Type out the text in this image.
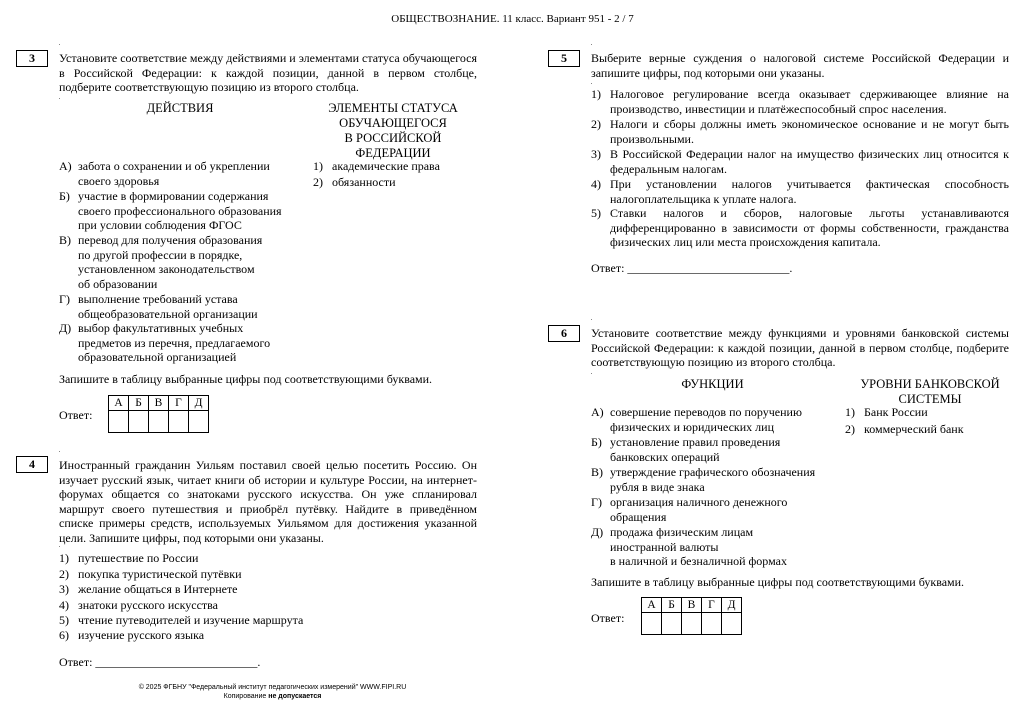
ОБЩЕСТВОЗНАНИЕ. 11 класс. Вариант 951 - 2 / 7
3	Установите соответствие между действиями и элементами статуса обучающегося в Российской Федерации: к каждой позиции, данной в первом столбце, подберите соответствующую позицию из второго столбца.
ДЕЙСТВИЯ	ЭЛЕМЕНТЫ СТАТУСА
ОБУЧАЮЩЕГОСЯ
В РОССИЙСКОЙ
ФЕДЕРАЦИИ
А) забота о сохранении и об укреплении
своего здоровья
Б) участие в формировании содержания
своего профессионального образования
при условии соблюдения ФГОС
В) перевод для получения образования
по другой профессии в порядке,
установленном законодательством
об образовании
Г) выполнение требований устава
общеобразовательной организации
Д) выбор факультативных учебных
предметов из перечня, предлагаемого
образовательной организацией
1) академические права
2) обязанности
Запишите в таблицу выбранные цифры под соответствующими буквами.
Ответ:
А	Б	В	Г	Д

4	Иностранный гражданин Уильям поставил своей целью посетить Россию. Он изучает русский язык, читает книги об истории и культуре России, на интернет-форумах общается со знатоками русского искусства. Он уже спланировал маршрут своего путешествия и приобрёл путёвку. Найдите в приведённом списке примеры средств, используемых Уильямом для достижения указанной цели. Запишите цифры, под которыми они указаны.
1) путешествие по России
2) покупка туристической путёвки
3) желание общаться в Интернете
4) знатоки русского искусства
5) чтение путеводителей и изучение маршрута
6) изучение русского языка
Ответ: ___________________________.
5	Выберите верные суждения о налоговой системе Российской Федерации и запишите цифры, под которыми они указаны.
1) Налоговое регулирование всегда оказывает сдерживающее влияние на производство, инвестиции и платёжеспособный спрос населения.
2) Налоги и сборы должны иметь экономическое основание и не могут быть произвольными.
3) В Российской Федерации налог на имущество физических лиц относится к федеральным налогам.
4) При установлении налогов учитывается фактическая способность налогоплательщика к уплате налога.
5) Ставки налогов и сборов, налоговые льготы устанавливаются дифференцированно в зависимости от формы собственности, гражданства физических лиц или места происхождения капитала.
Ответ: ___________________________.
6	Установите соответствие между функциями и уровнями банковской системы Российской Федерации: к каждой позиции, данной в первом столбце, подберите соответствующую позицию из второго столбца.
ФУНКЦИИ	УРОВНИ БАНКОВСКОЙ
СИСТЕМЫ
А) совершение переводов по поручению
физических и юридических лиц
Б) установление правил проведения
банковских операций
В) утверждение графического обозначения
рубля в виде знака
Г) организация наличного денежного
обращения
Д) продажа физическим лицам
иностранной валюты
в наличной и безналичной формах
1) Банк России
2) коммерческий банк
Запишите в таблицу выбранные цифры под соответствующими буквами.
Ответ:
А	Б	В	Г	Д

© 2025 ФГБНУ "Федеральный институт педагогических измерений" WWW.FIPI.RU
Копирование не допускается
